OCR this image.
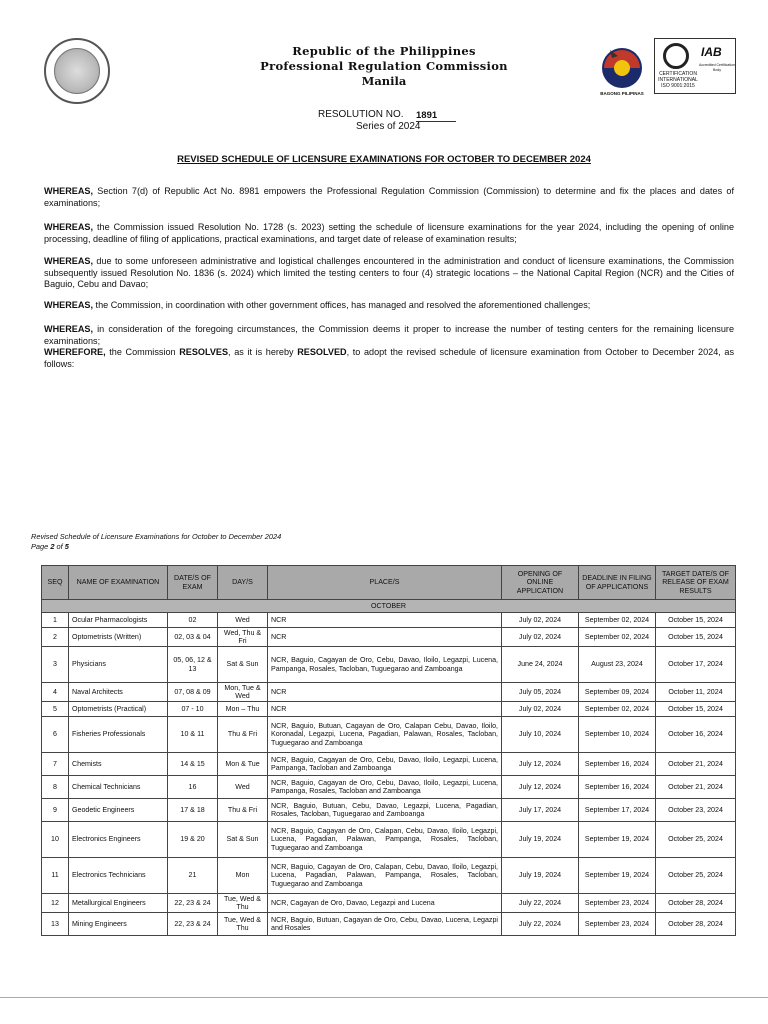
Republic of the Philippines
Professional Regulation Commission
Manila
BAGONG PILIPINAS
IAB
CERTIFICATION INTERNATIONAL ISO 9001:2015
Accredited Certification Body
RESOLUTION NO. 1891
Series of 2024
REVISED SCHEDULE OF LICENSURE EXAMINATIONS FOR OCTOBER TO DECEMBER 2024
WHEREAS, Section 7(d) of Republic Act No. 8981 empowers the Professional Regulation Commission (Commission) to determine and fix the places and dates of examinations;
WHEREAS, the Commission issued Resolution No. 1728 (s. 2023) setting the schedule of licensure examinations for the year 2024, including the opening of online processing, deadline of filing of applications, practical examinations, and target date of release of examination results;
WHEREAS, due to some unforeseen administrative and logistical challenges encountered in the administration and conduct of licensure examinations, the Commission subsequently issued Resolution No. 1836 (s. 2024) which limited the testing centers to four (4) strategic locations – the National Capital Region (NCR) and the Cities of Baguio, Cebu and Davao;
WHEREAS, the Commission, in coordination with other government offices, has managed and resolved the aforementioned challenges;
WHEREAS, in consideration of the foregoing circumstances, the Commission deems it proper to increase the number of testing centers for the remaining licensure examinations;
WHEREFORE, the Commission RESOLVES, as it is hereby RESOLVED, to adopt the revised schedule of licensure examination from October to December 2024, as follows:
Revised Schedule of Licensure Examinations for October to December 2024
Page 2 of 5
SEQ	NAME OF EXAMINATION	DATE/S OF EXAM	DAY/S	PLACE/S	OPENING OF ONLINE APPLICATION	DEADLINE IN FILING OF APPLICATIONS	TARGET DATE/S OF RELEASE OF EXAM RESULTS
OCTOBER							
1	Ocular Pharmacologists	02	Wed	NCR	July 02, 2024	September 02, 2024	October 15, 2024
2	Optometrists (Written)	02, 03 & 04	Wed, Thu & Fri	NCR	July 02, 2024	September 02, 2024	October 15, 2024
3	Physicians	05, 06, 12 & 13	Sat & Sun	NCR, Baguio, Cagayan de Oro, Cebu, Davao, Iloilo, Legazpi, Lucena, Pampanga, Rosales, Tacloban, Tuguegarao and Zamboanga	June 24, 2024	August 23, 2024	October 17, 2024
4	Naval Architects	07, 08 & 09	Mon, Tue & Wed	NCR	July 05, 2024	September 09, 2024	October 11, 2024
5	Optometrists (Practical)	07 - 10	Mon – Thu	NCR	July 02, 2024	September 02, 2024	October 15, 2024
6	Fisheries Professionals	10 & 11	Thu & Fri	NCR, Baguio, Butuan, Cagayan de Oro, Calapan Cebu, Davao, Iloilo, Koronadal, Legazpi, Lucena, Pagadian, Palawan, Rosales, Tacloban, Tuguegarao and Zamboanga	July 10, 2024	September 10, 2024	October 16, 2024
7	Chemists	14 & 15	Mon & Tue	NCR, Baguio, Cagayan de Oro, Cebu, Davao, Iloilo, Legazpi, Lucena, Pampanga, Tacloban and Zamboanga	July 12, 2024	September 16, 2024	October 21, 2024
8	Chemical Technicians	16	Wed	NCR, Baguio, Cagayan de Oro, Cebu, Davao, Iloilo, Legazpi, Lucena, Pampanga, Rosales, Tacloban and Zamboanga	July 12, 2024	September 16, 2024	October 21, 2024
9	Geodetic Engineers	17 & 18	Thu & Fri	NCR, Baguio, Butuan, Cebu, Davao, Legazpi, Lucena, Pagadian, Rosales, Tacloban, Tuguegarao and Zamboanga	July 17, 2024	September 17, 2024	October 23, 2024
10	Electronics Engineers	19 & 20	Sat & Sun	NCR, Baguio, Cagayan de Oro, Calapan, Cebu, Davao, Iloilo, Legazpi, Lucena, Pagadian, Palawan, Pampanga, Rosales, Tacloban, Tuguegarao and Zamboanga	July 19, 2024	September 19, 2024	October 25, 2024
11	Electronics Technicians	21	Mon	NCR, Baguio, Cagayan de Oro, Calapan, Cebu, Davao, Iloilo, Legazpi, Lucena, Pagadian, Palawan, Pampanga, Rosales, Tacloban, Tuguegarao and Zamboanga	July 19, 2024	September 19, 2024	October 25, 2024
12	Metallurgical Engineers	22, 23 & 24	Tue, Wed & Thu	NCR, Cagayan de Oro, Davao, Legazpi and Lucena	July 22, 2024	September 23, 2024	October 28, 2024
13	Mining Engineers	22, 23 & 24	Tue, Wed & Thu	NCR, Baguio, Butuan, Cagayan de Oro, Cebu, Davao, Lucena, Legazpi and Rosales	July 22, 2024	September 23, 2024	October 28, 2024
